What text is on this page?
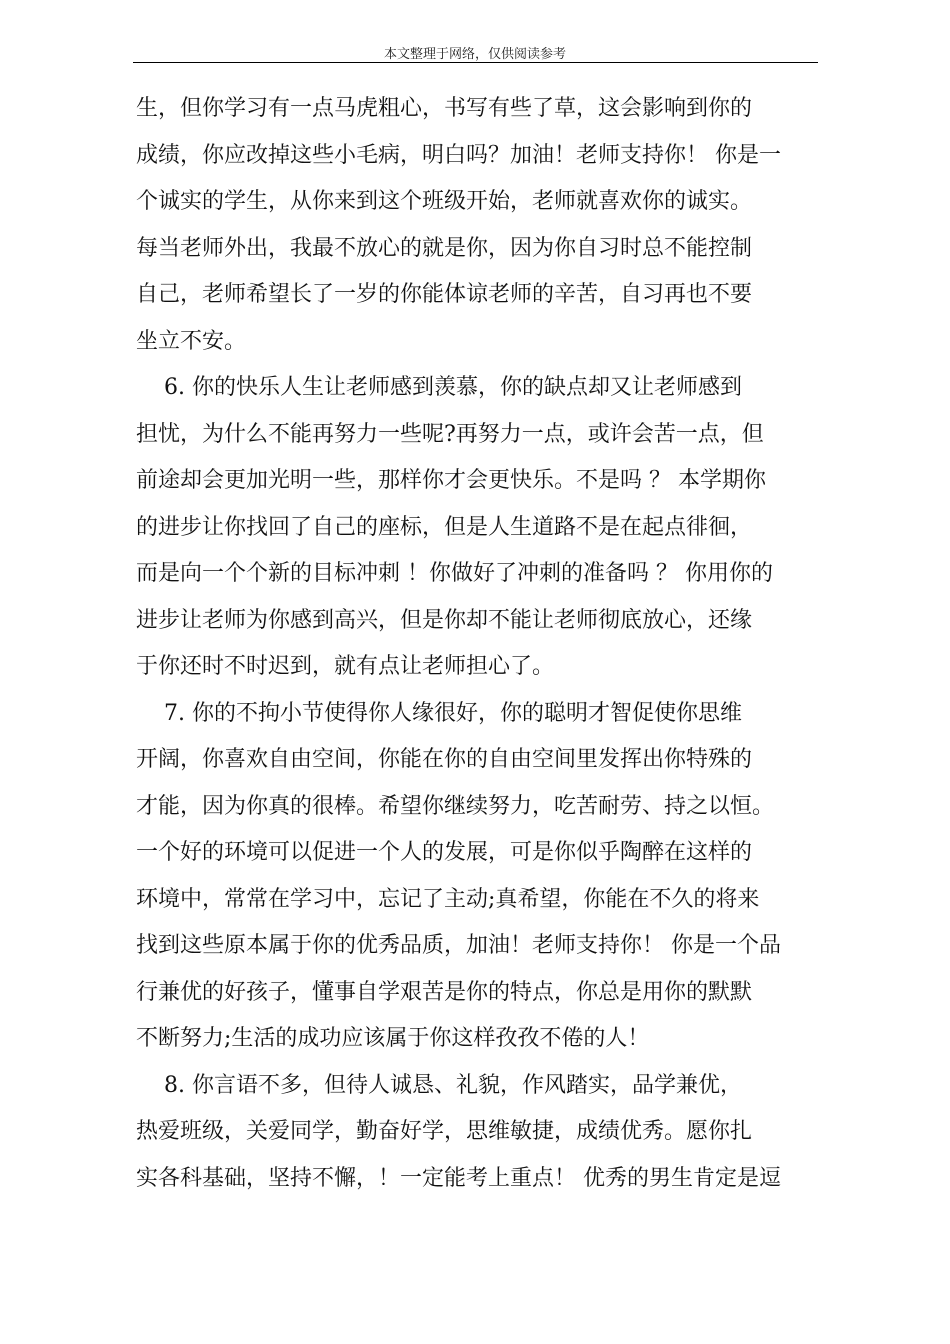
本文整理于网络，仅供阅读参考

生，但你学习有一点马虎粗心，书写有些了草，这会影响到你的
成绩，你应改掉这些小毛病，明白吗？加油！老师支持你！ 你是一
个诚实的学生，从你来到这个班级开始，老师就喜欢你的诚实。
每当老师外出，我最不放心的就是你，因为你自习时总不能控制
自己，老师希望长了一岁的你能体谅老师的辛苦，自习再也不要
坐立不安。

6. 你的快乐人生让老师感到羡慕，你的缺点却又让老师感到
担忧，为什么不能再努力一些呢?再努力一点，或许会苦一点，但
前途却会更加光明一些，那样你才会更快乐。不是吗 ？ 本学期你
的进步让你找回了自己的座标，但是人生道路不是在起点徘徊，
而是向一个个新的目标冲刺 ！你做好了冲刺的准备吗 ？ 你用你的
进步让老师为你感到高兴，但是你却不能让老师彻底放心，还缘
于你还时不时迟到，就有点让老师担心了。

7. 你的不拘小节使得你人缘很好，你的聪明才智促使你思维
开阔，你喜欢自由空间，你能在你的自由空间里发挥出你特殊的
才能，因为你真的很棒。希望你继续努力，吃苦耐劳、持之以恒。
一个好的环境可以促进一个人的发展，可是你似乎陶醉在这样的
环境中，常常在学习中，忘记了主动;真希望，你能在不久的将来
找到这些原本属于你的优秀品质，加油！老师支持你！ 你是一个品
行兼优的好孩子，懂事自学艰苦是你的特点，你总是用你的默默
不断努力;生活的成功应该属于你这样孜孜不倦的人！

8. 你言语不多，但待人诚恳、礼貌，作风踏实，品学兼优，
热爱班级，关爱同学，勤奋好学，思维敏捷，成绩优秀。愿你扎
实各科基础，坚持不懈，！一定能考上重点！ 优秀的男生肯定是逗
